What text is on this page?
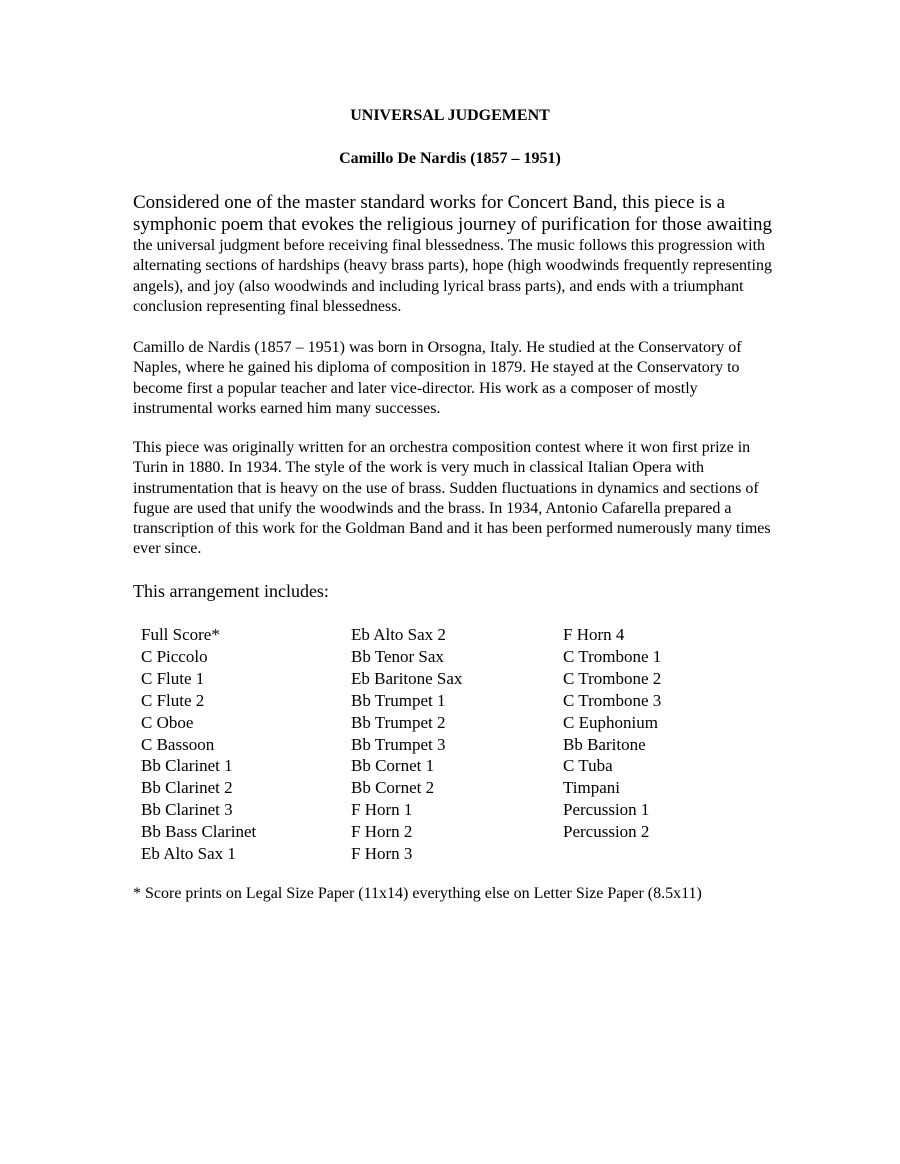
UNIVERSAL JUDGEMENT
Camillo De Nardis (1857 – 1951)
Considered one of the master standard works for Concert Band, this piece is a symphonic poem that evokes the religious journey of purification for those awaiting
the universal judgment before receiving final blessedness. The music follows this progression with alternating sections of hardships (heavy brass parts), hope (high woodwinds frequently representing angels), and joy (also woodwinds and including lyrical brass parts), and ends with a triumphant conclusion representing final blessedness.
Camillo de Nardis (1857 – 1951) was born in Orsogna, Italy. He studied at the Conservatory of Naples, where he gained his diploma of composition in 1879. He stayed at the Conservatory to become first a popular teacher and later vice-director. His work as a composer of mostly instrumental works earned him many successes.
This piece was originally written for an orchestra composition contest where it won first prize in Turin in 1880. In 1934. The style of the work is very much in classical Italian Opera with instrumentation that is heavy on the use of brass. Sudden fluctuations in dynamics and sections of fugue are used that unify the woodwinds and the brass. In 1934, Antonio Cafarella prepared a transcription of this work for the Goldman Band and it has been performed numerously many times ever since.
This arrangement includes:
Full Score*
C Piccolo
C Flute 1
C Flute 2
C Oboe
C Bassoon
Bb Clarinet 1
Bb Clarinet 2
Bb Clarinet 3
Bb Bass Clarinet
Eb Alto Sax 1
Eb Alto Sax 2
Bb Tenor Sax
Eb Baritone Sax
Bb Trumpet 1
Bb Trumpet 2
Bb Trumpet 3
Bb Cornet 1
Bb Cornet 2
F Horn 1
F Horn 2
F Horn 3
F Horn 4
C Trombone 1
C Trombone 2
C Trombone 3
C Euphonium
Bb Baritone
C Tuba
Timpani
Percussion 1
Percussion 2
* Score prints on Legal Size Paper (11x14) everything else on Letter Size Paper (8.5x11)
